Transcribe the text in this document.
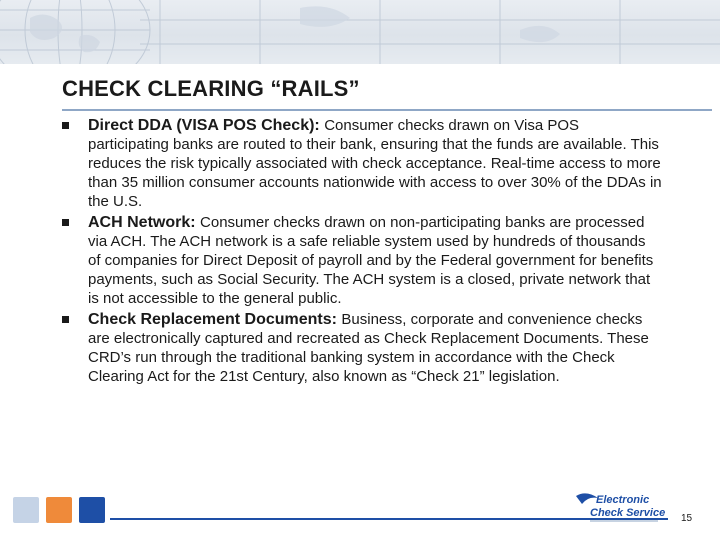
CHECK CLEARING “RAILS”
Direct DDA (VISA POS Check): Consumer checks drawn on Visa POS participating banks are routed to their bank, ensuring that the funds are available. This reduces the risk typically associated with check acceptance. Real-time access to more than 35 million consumer accounts nationwide with access to over 30% of the DDAs in the U.S.
ACH Network: Consumer checks drawn on non-participating banks are processed via ACH. The ACH network is a safe reliable system used by hundreds of thousands of companies for Direct Deposit of payroll and by the Federal government for benefits payments, such as Social Security. The ACH system is a closed, private network that is not accessible to the general public.
Check Replacement Documents: Business, corporate and convenience checks are electronically captured and recreated as Check Replacement Documents. These CRD’s run through the traditional banking system in accordance with the Check Clearing Act for the 21st Century, also known as “Check 21” legislation.
Electronic
Check Service 15
